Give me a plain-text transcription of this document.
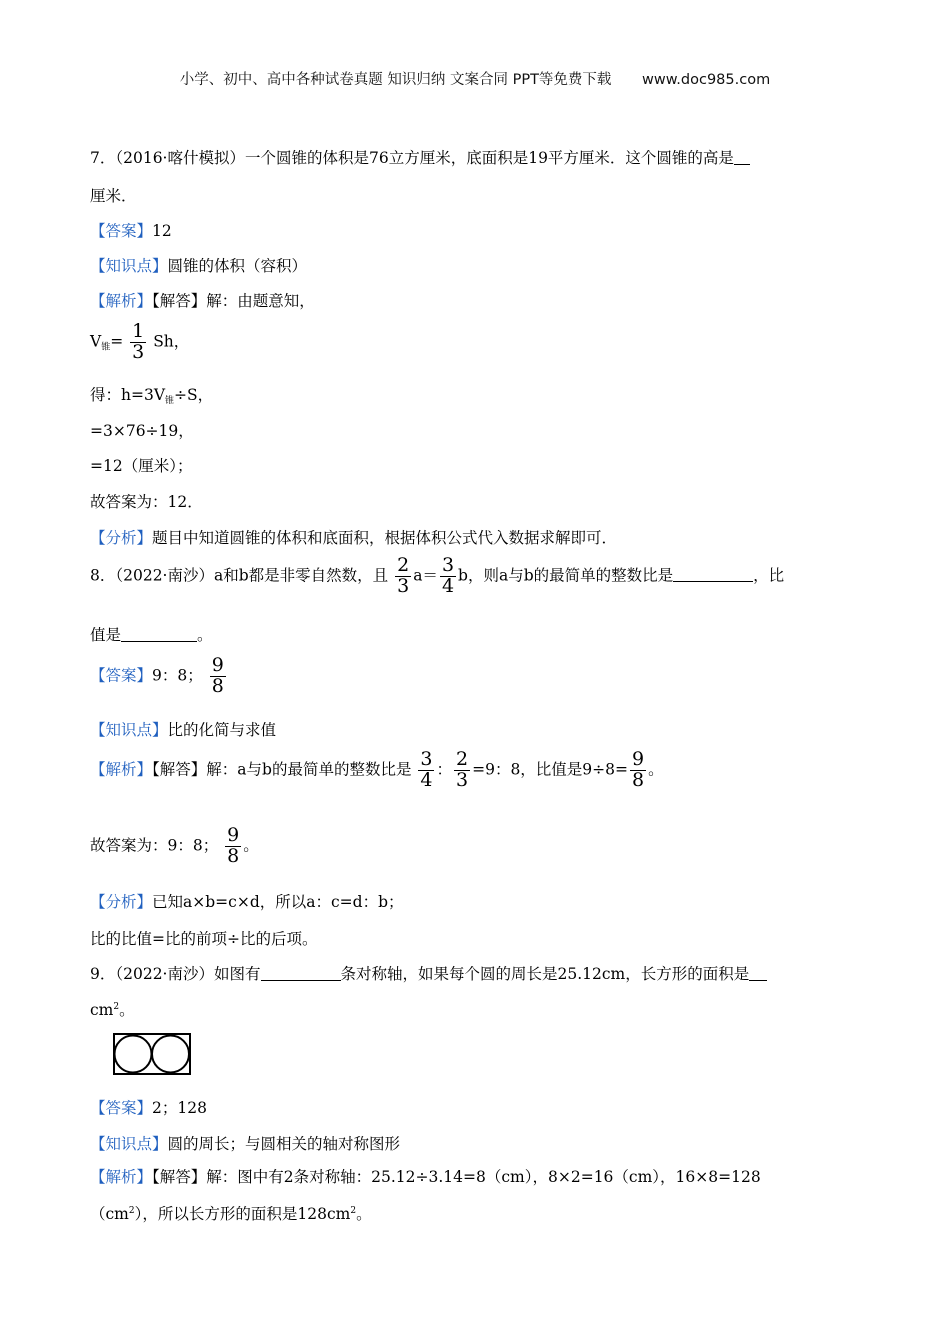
小学、初中、高中各种试卷真题 知识归纳 文案合同 PPT等免费下载 www.doc985.com
7．（2016·喀什模拟）一个圆锥的体积是76立方厘米，底面积是19平方厘米．这个圆锥的高是
厘米．
【答案】12
【知识点】圆锥的体积（容积）
【解析】【解答】解：由题意知，
$V_锥= \frac{1}{3}$ Sh，
得：$h=3V_锥\div S$，
=3×76÷19，
=12（厘米）；
故答案为：12．
【分析】题目中知道圆锥的体积和底面积，根据体积公式代入数据求解即可．
8．（2022·南沙）a和b都是非零自然数，且 $\frac{2}{3} a= \frac{3}{4}$ b，则a与b的最简单的整数比是	，比
值是	。
【答案】9：8； $\frac{9}{8}$
【知识点】比的化简与求值
【解析】【解答】解：a与b的最简单的整数比是 $\frac{3}{4}$ ： $\frac{2}{3} =9$：8，比值是$9\div 8= \frac{9}{8}$ 。
故答案为：9：8； $\frac{9}{8}$ 。
【分析】已知a×b=c×d，所以a：c=d：b；
比的比值=比的前项÷比的后项。
9．（2022·南沙）如图有	条对称轴，如果每个圆的周长是25.12cm，长方形的面积是
$cm^2$。
【答案】2；128
【知识点】圆的周长；与圆相关的轴对称图形
【解析】【解答】解：图中有2条对称轴：25.12÷3.14=8（cm），8×2=16（cm），16×8=128
$(cm^2)$，所以长方形的面积是$128cm^2$。
